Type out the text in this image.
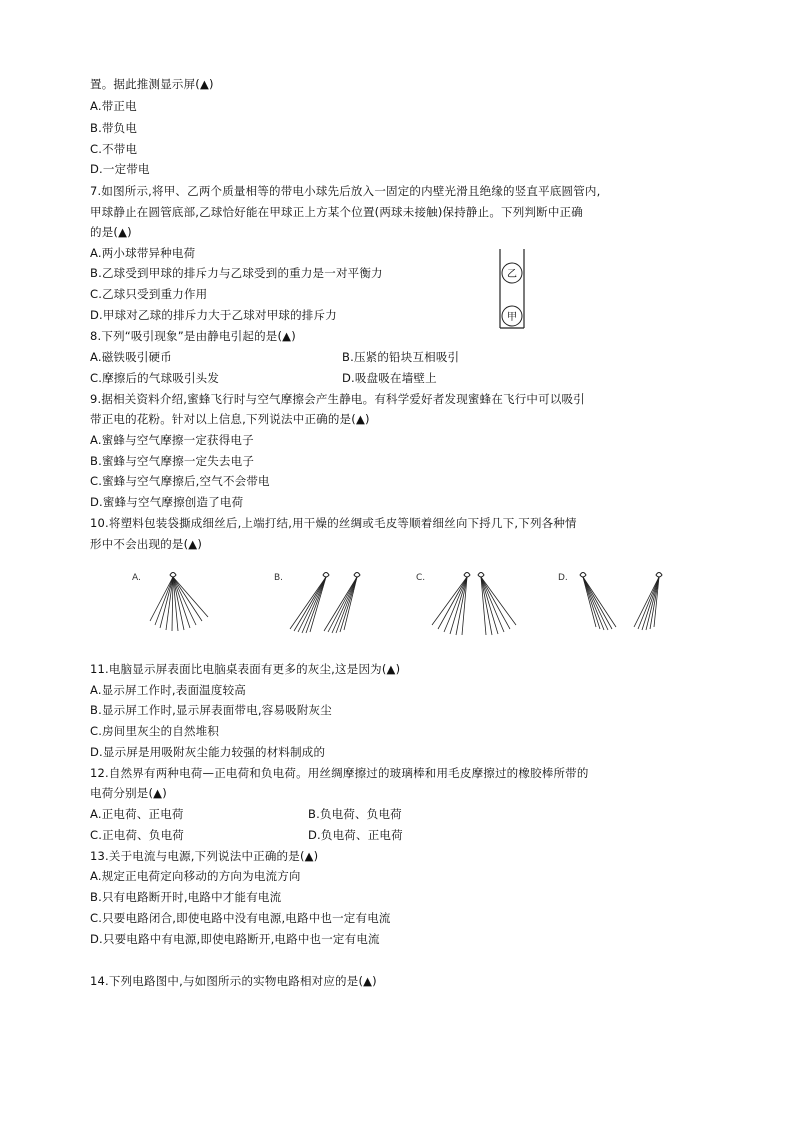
置。据此推测显示屏(▲)
A.带正电
B.带负电
C.不带电
D.一定带电
7.如图所示,将甲、乙两个质量相等的带电小球先后放入一固定的内壁光滑且绝缘的竖直平底圆管内,
甲球静止在圆管底部,乙球恰好能在甲球正上方某个位置(两球未接触)保持静止。下列判断中正确
的是(▲)
A.两小球带异种电荷
B.乙球受到甲球的排斥力与乙球受到的重力是一对平衡力
C.乙球只受到重力作用
D.甲球对乙球的排斥力大于乙球对甲球的排斥力
乙
甲
8.下列“吸引现象”是由静电引起的是(▲)
A.磁铁吸引硬币	B.压紧的铅块互相吸引
C.摩擦后的气球吸引头发	D.吸盘吸在墙壁上
9.据相关资料介绍,蜜蜂飞行时与空气摩擦会产生静电。有科学爱好者发现蜜蜂在飞行中可以吸引
带正电的花粉。针对以上信息,下列说法中正确的是(▲)
A.蜜蜂与空气摩擦一定获得电子
B.蜜蜂与空气摩擦一定失去电子
C.蜜蜂与空气摩擦后,空气不会带电
D.蜜蜂与空气摩擦创造了电荷
10.将塑料包装袋撕成细丝后,上端打结,用干燥的丝绸或毛皮等顺着细丝向下捋几下,下列各种情
形中不会出现的是(▲)
A.	B.	C.	D.
11.电脑显示屏表面比电脑桌表面有更多的灰尘,这是因为(▲)
A.显示屏工作时,表面温度较高
B.显示屏工作时,显示屏表面带电,容易吸附灰尘
C.房间里灰尘的自然堆积
D.显示屏是用吸附灰尘能力较强的材料制成的
12.自然界有两种电荷—正电荷和负电荷。用丝绸摩擦过的玻璃棒和用毛皮摩擦过的橡胶棒所带的
电荷分别是(▲)
A.正电荷、正电荷	B.负电荷、负电荷
C.正电荷、负电荷	D.负电荷、正电荷
13.关于电流与电源,下列说法中正确的是(▲)
A.规定正电荷定向移动的方向为电流方向
B.只有电路断开时,电路中才能有电流
C.只要电路闭合,即使电路中没有电源,电路中也一定有电流
D.只要电路中有电源,即使电路断开,电路中也一定有电流
14.下列电路图中,与如图所示的实物电路相对应的是(▲)
